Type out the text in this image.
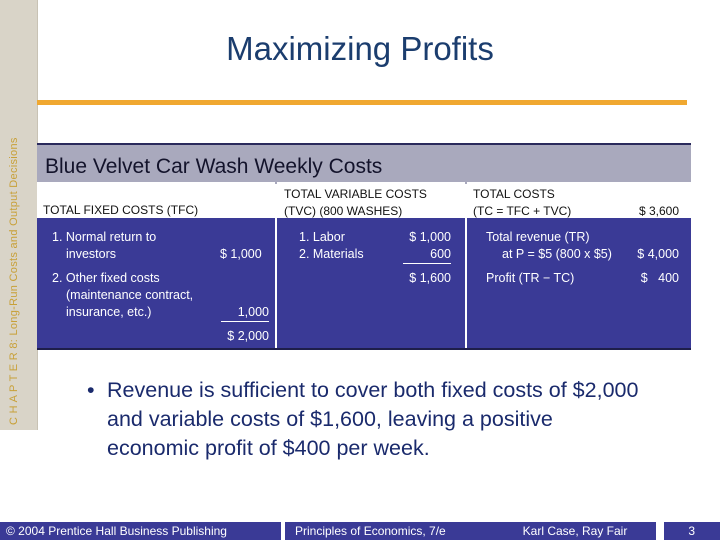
C H A P T E R 8: Long-Run Costs and Output Decisions
Maximizing Profits
Blue Velvet Car Wash Weekly Costs
TOTAL FIXED COSTS (TFC)
1. Normal return to
investors	$ 1,000
2. Other fixed costs
(maintenance contract,
insurance, etc.)	1,000
$ 2,000
TOTAL VARIABLE COSTS
(TVC) (800 WASHES)
1. Labor	$ 1,000
2. Materials	600
$ 1,600
TOTAL COSTS
(TC = TFC + TVC)	$ 3,600
Total revenue (TR)
at P = $5 (800 x $5) $ 4,000
Profit (TR − TC)	$   400
• Revenue is sufficient to cover both fixed costs of $2,000 and variable costs of $1,600, leaving a positive economic profit of $400 per week.
© 2004 Prentice Hall Business Publishing	Principles of Economics, 7/e	Karl Case, Ray Fair	3
